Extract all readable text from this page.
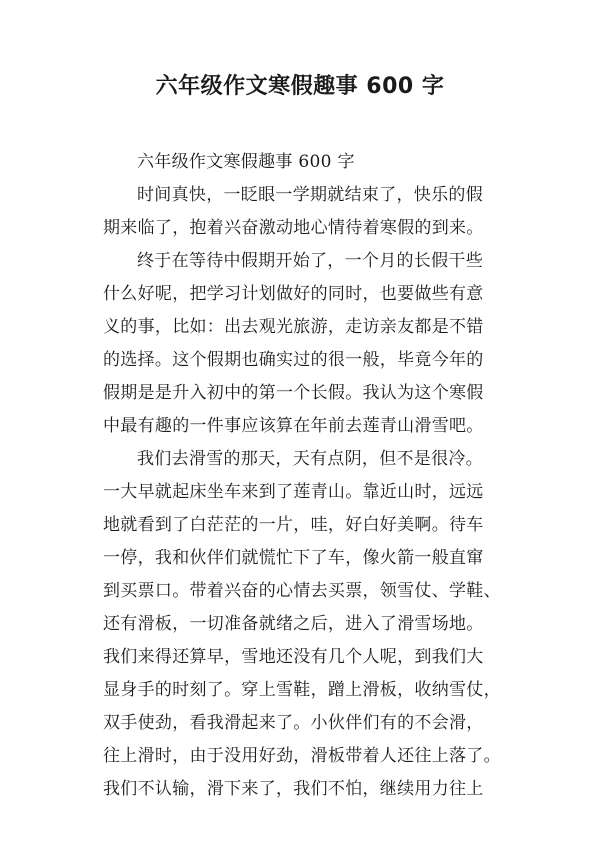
六年级作文寒假趣事 600 字
六年级作文寒假趣事 600 字
时间真快，一眨眼一学期就结束了，快乐的假
期来临了，抱着兴奋激动地心情待着寒假的到来。
终于在等待中假期开始了，一个月的长假干些
什么好呢，把学习计划做好的同时，也要做些有意
义的事，比如：出去观光旅游，走访亲友都是不错
的选择。这个假期也确实过的很一般，毕竟今年的
假期是是升入初中的第一个长假。我认为这个寒假
中最有趣的一件事应该算在年前去莲青山滑雪吧。
我们去滑雪的那天，天有点阴，但不是很冷。
一大早就起床坐车来到了莲青山。靠近山时，远远
地就看到了白茫茫的一片，哇，好白好美啊。待车
一停，我和伙伴们就慌忙下了车，像火箭一般直窜
到买票口。带着兴奋的心情去买票，领雪仗、学鞋、
还有滑板，一切准备就绪之后，进入了滑雪场地。
我们来得还算早，雪地还没有几个人呢，到我们大
显身手的时刻了。穿上雪鞋，蹭上滑板，收纳雪仗，
双手使劲，看我滑起来了。小伙伴们有的不会滑，
往上滑时，由于没用好劲，滑板带着人还往上落了。
我们不认输，滑下来了，我们不怕，继续用力往上
